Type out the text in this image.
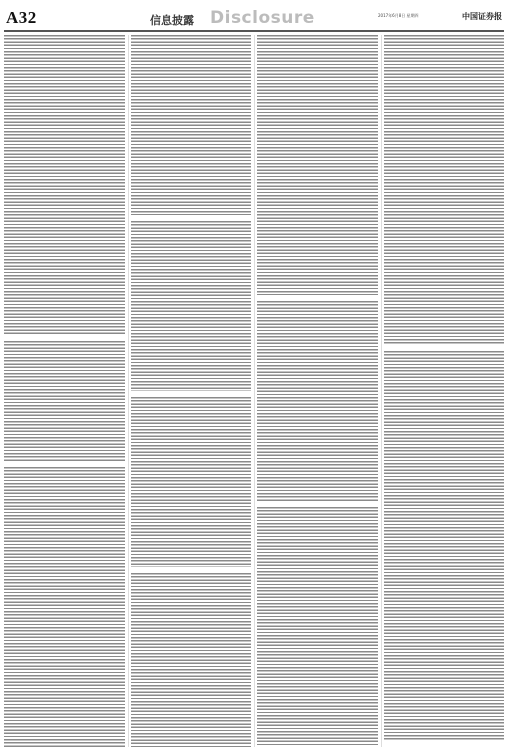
A32	信息披露 Disclosure	2017年6月8日 星期四	中国证券报
